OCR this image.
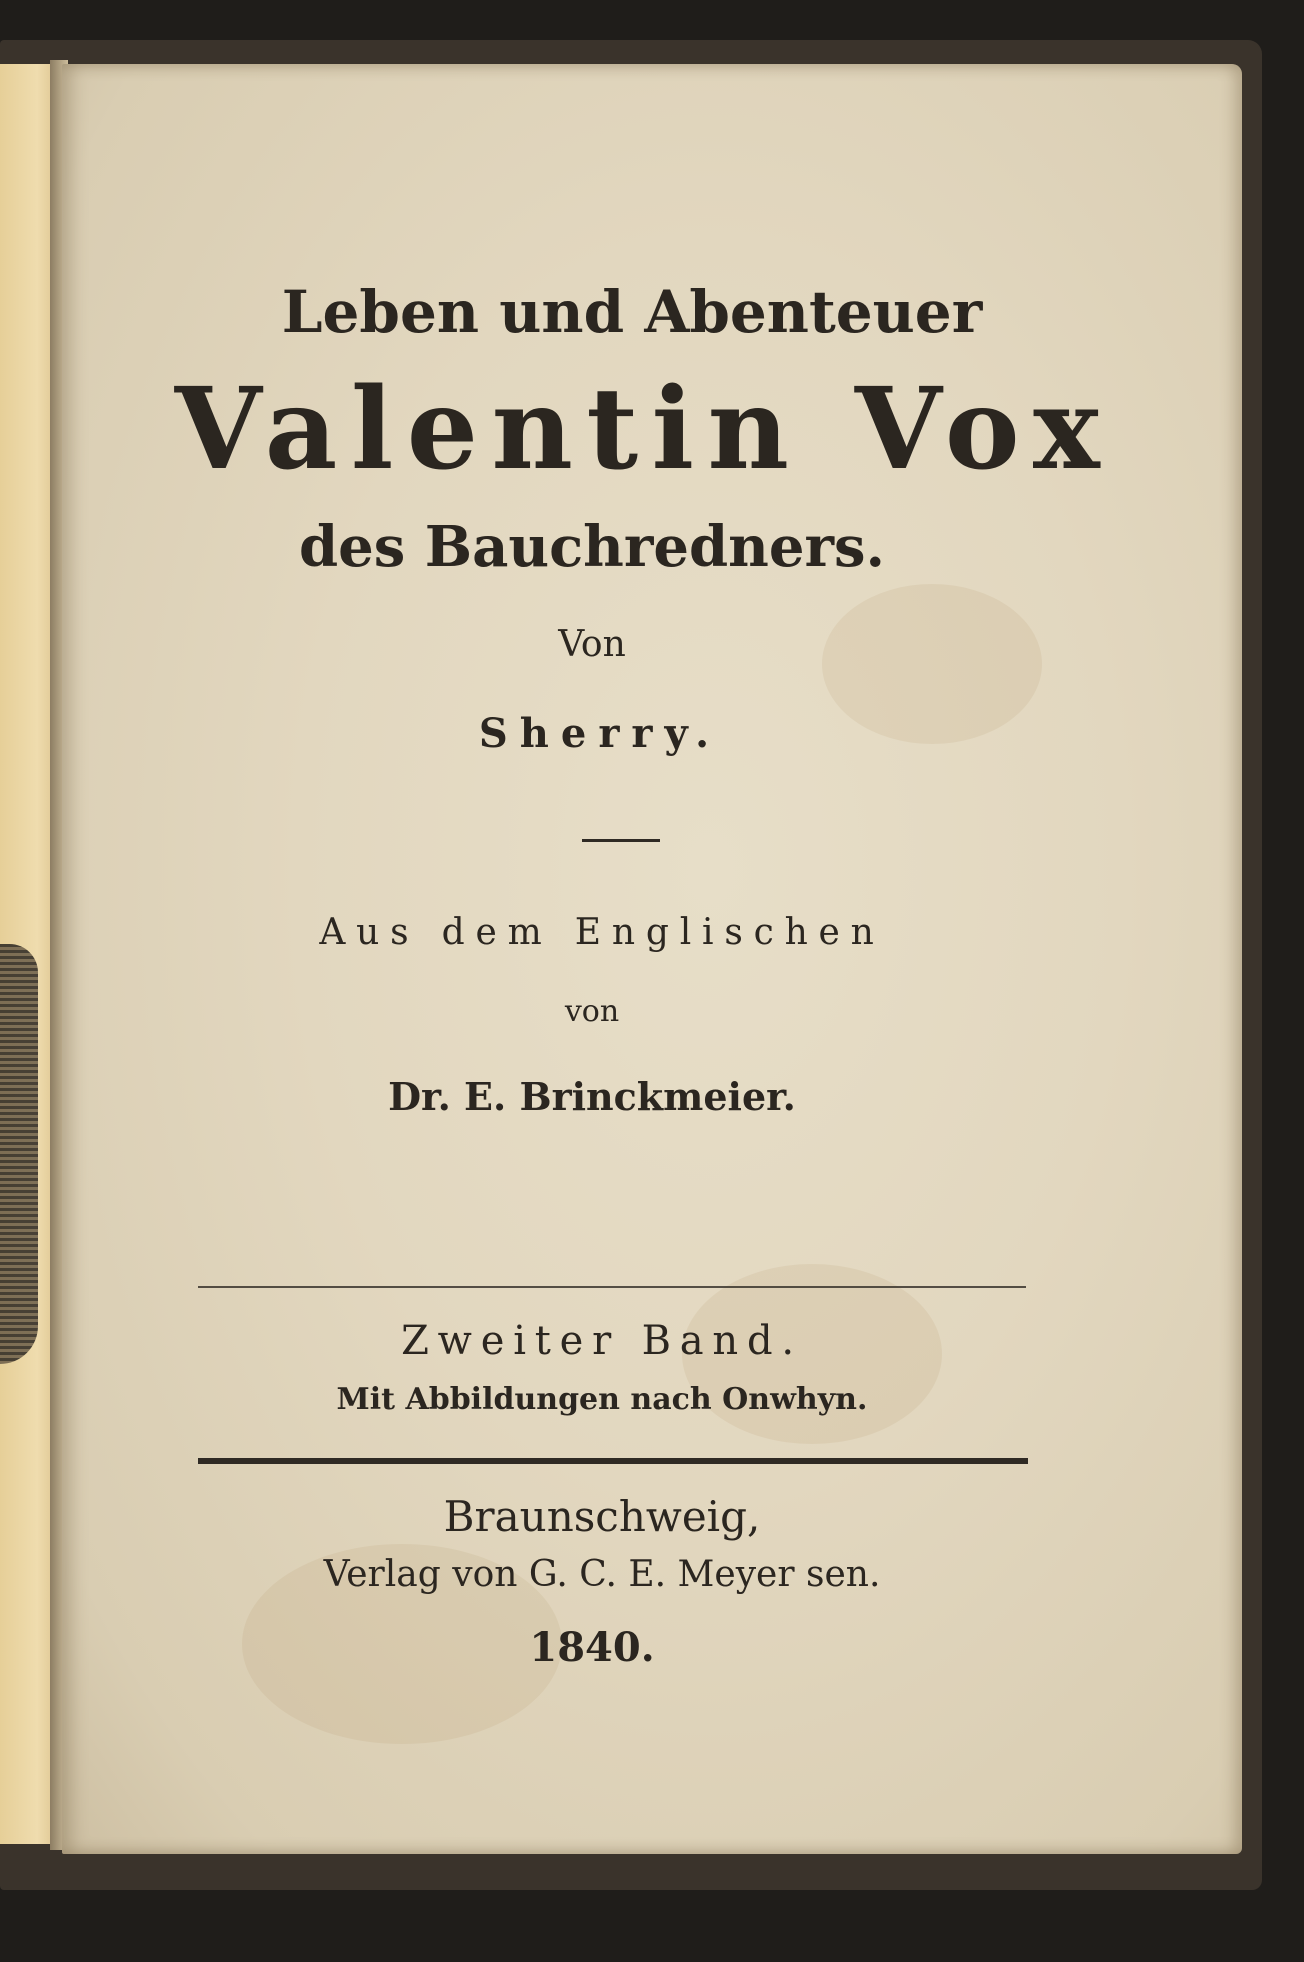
Leben und Abenteuer
Valentin Vox
des Bauchredners.
Von
Sherry.
Aus dem Englischen
von
Dr. E. Brinckmeier.
Zweiter Band.
Mit Abbildungen nach Onwhyn.
Braunschweig,
Verlag von G. C. E. Meyer sen.
1840.
